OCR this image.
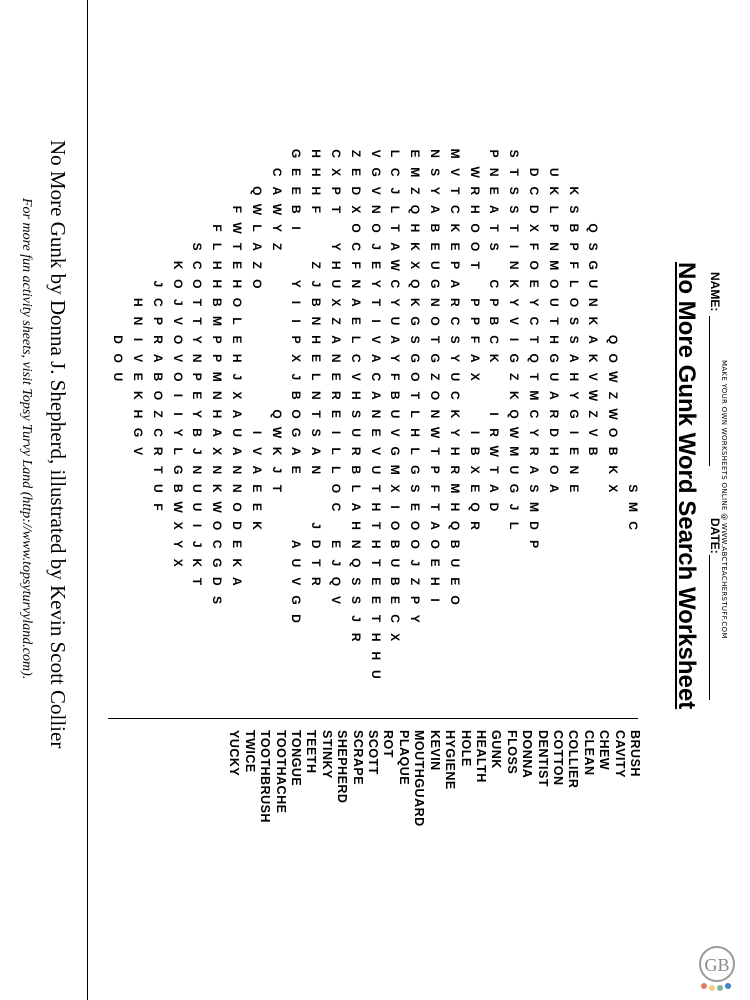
MAKE YOUR OWN WORKSHEETS ONLINE @ WWW.ABCTEACHERSTUFF.COM
NAME:
DATE:
No More Gunk Word Search Worksheet
S
M
C
Q
O
W
Z
W
O
B
K
X
Q
S
G
U
N
K
A
K
V
W
Z
V
B
K
S
B
P
F
L
O
S
S
A
H
Y
G
I
E
N
E
U
K
L
P
N
M
O
U
T
H
G
U
A
R
D
H
O
A
D
C
D
X
F
O
E
Y
C
T
Q
T
M
C
Y
R
A
S
M
D
P
S
T
S
S
T
I
N
K
Y
V
I
G
Z
K
Q
W
M
U
G
J
L
P
N
E
A
T
S
C
P
B
C
K
I
R
W
T
A
D
W
R
H
O
O
T
P
P
F
A
X
I
B
X
E
Q
R
M
V
T
C
K
E
P
A
R
C
S
Y
U
C
K
Y
H
R
M
H
Q
B
U
E
O
N
S
Y
A
B
E
U
G
N
O
T
G
Z
O
N
W
T
P
F
T
A
O
E
H
I
E
M
Z
Q
H
K
X
Q
K
G
S
G
O
T
L
H
L
G
S
E
O
O
J
Z
P
Y
L
C
J
L
T
A
W
C
Y
U
A
Y
F
B
U
V
G
M
X
I
O
B
U
B
E
C
X
V
G
V
N
O
J
E
Y
T
I
V
A
C
A
N
E
V
U
T
H
T
H
T
E
E
T
H
H
U
Z
E
D
X
O
C
F
N
A
E
L
C
V
H
S
U
R
B
L
A
H
N
Q
S
S
J
R
C
X
P
T
Y
H
U
X
Z
A
N
E
R
E
I
L
L
O
C
E
J
Q
V
H
H
H
F
Z
J
B
N
H
E
L
N
T
S
A
N
J
D
T
R
G
E
E
B
I
Y
I
I
P
X
J
B
O
G
A
E
A
U
V
G
D
C
A
W
Y
Z
Q
W
K
J
T
Q
W
L
A
Z
O
I
V
A
E
E
K
F
W
T
E
H
O
L
E
H
J
X
A
U
A
N
N
O
D
E
K
A
F
L
H
H
B
M
P
P
M
N
H
A
X
N
K
W
O
C
G
D
S
S
C
O
T
T
Y
N
P
E
Y
B
J
N
U
U
I
J
K
T
K
O
J
V
O
V
O
I
I
Y
L
G
B
W
X
Y
X
J
C
P
R
A
B
O
Z
C
R
T
U
F
H
N
I
V
E
K
H
G
V
D
O
U
BRUSH
CAVITY
CHEW
CLEAN
COLLIER
COTTON
DENTIST
DONNA
FLOSS
GUNK
HEALTH
HOLE
HYGIENE
KEVIN
MOUTHGUARD
PLAQUE
ROT
SCOTT
SCRAPE
SHEPHERD
STINKY
TEETH
TONGUE
TOOTHACHE
TOOTHBRUSH
TWICE
YUCKY
No More Gunk by Donna J. Shepherd, illustrated by Kevin Scott Collier
For more fun activity sheets, visit Topsy Turvy Land (http://www.topsyturvyland.com).
GB
